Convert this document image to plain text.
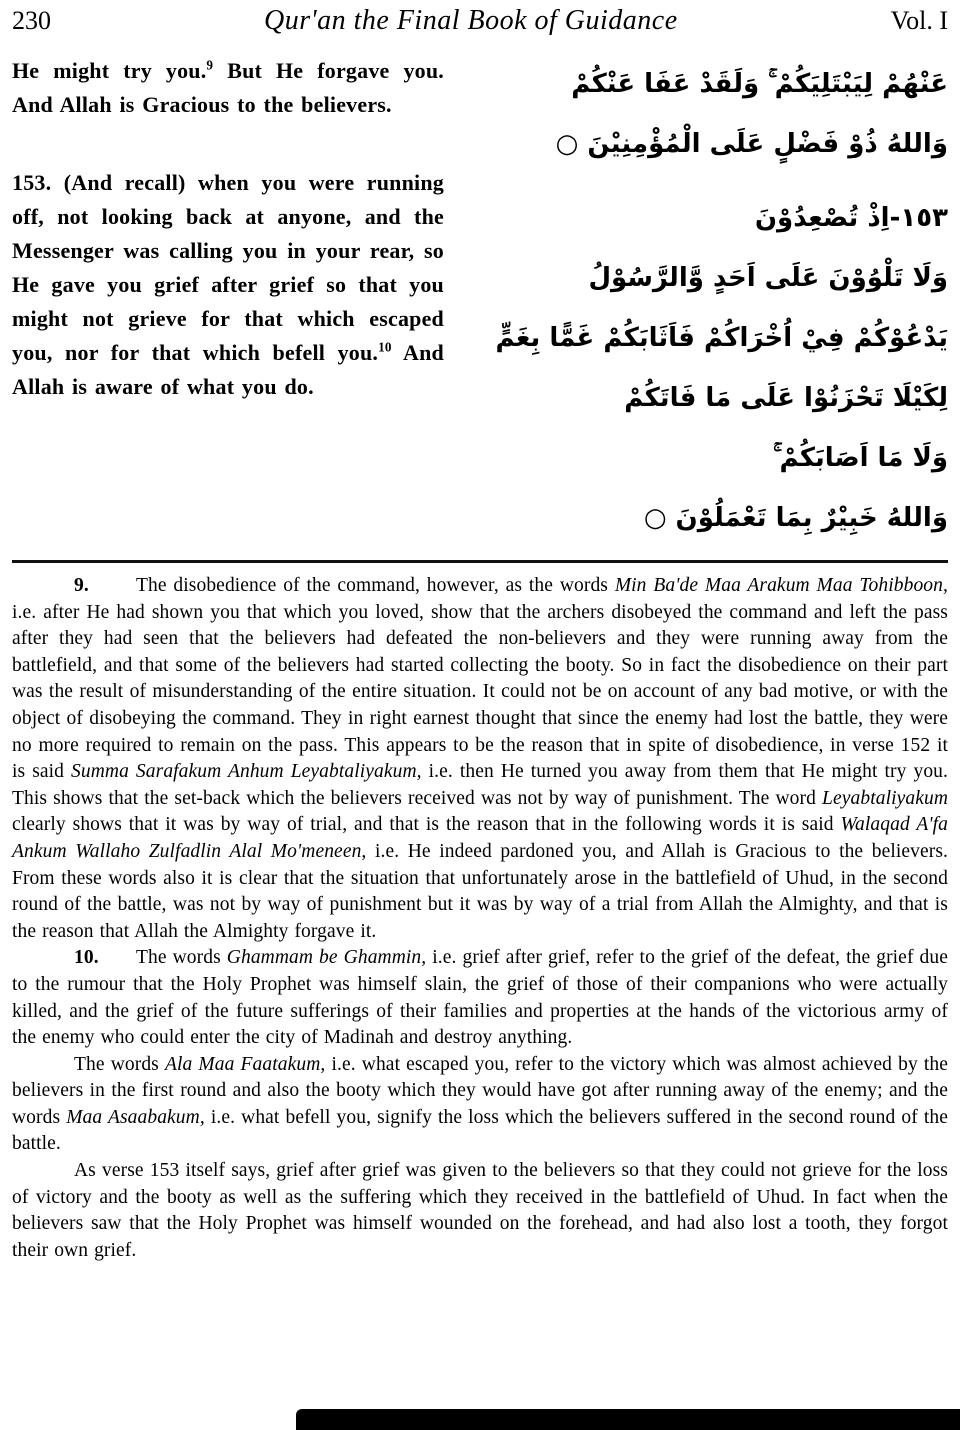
230	Qur'an the Final Book of Guidance	Vol. I

He might try you.$^9$ But He forgave you. And Allah is Gracious to the believers.

153. (And recall) when you were running off, not looking back at anyone, and the Messenger was calling you in your rear, so He gave you grief after grief so that you might not grieve for that which escaped you, nor for that which befell you.$^{10}$ And Allah is aware of what you do.

عَنْهُمْ لِيَبْتَلِيَكُمْ ۚ وَلَقَدْ عَفَا عَنْكُمْ
وَاللهُ ذُوْ فَضْلٍ عَلَى الْمُؤْمِنِيْنَ ○
١٥٣-اِذْ تُصْعِدُوْنَ
وَلَا تَلْوُوْنَ عَلَى اَحَدٍ وَّالرَّسُوْلُ
يَدْعُوْكُمْ فِيْ اُخْرَاكُمْ فَاَثَابَكُمْ غَمًّا بِغَمٍّ
لِكَيْلَا تَحْزَنُوْا عَلَى مَا فَاتَكُمْ
وَلَا مَا اَصَابَكُمْ ۚ
وَاللهُ خَبِيْرٌ بِمَا تَعْمَلُوْنَ ○

9. The disobedience of the command, however, as the words Min Ba'de Maa Arakum Maa Tohibboon, i.e. after He had shown you that which you loved, show that the archers disobeyed the command and left the pass after they had seen that the believers had defeated the non-believers and they were running away from the battlefield, and that some of the believers had started collecting the booty. So in fact the disobedience on their part was the result of misunderstanding of the entire situation. It could not be on account of any bad motive, or with the object of disobeying the command. They in right earnest thought that since the enemy had lost the battle, they were no more required to remain on the pass. This appears to be the reason that in spite of disobedience, in verse 152 it is said Summa Sarafakum Anhum Leyabtaliyakum, i.e. then He turned you away from them that He might try you. This shows that the set-back which the believers received was not by way of punishment. The word Leyabtaliyakum clearly shows that it was by way of trial, and that is the reason that in the following words it is said Walaqad A'fa Ankum Wallaho Zulfadlin Alal Mo'meneen, i.e. He indeed pardoned you, and Allah is Gracious to the believers. From these words also it is clear that the situation that unfortunately arose in the battlefield of Uhud, in the second round of the battle, was not by way of punishment but it was by way of a trial from Allah the Almighty, and that is the reason that Allah the Almighty forgave it.

10. The words Ghammam be Ghammin, i.e. grief after grief, refer to the grief of the defeat, the grief due to the rumour that the Holy Prophet was himself slain, the grief of those of their companions who were actually killed, and the grief of the future sufferings of their families and properties at the hands of the victorious army of the enemy who could enter the city of Madinah and destroy anything.

The words Ala Maa Faatakum, i.e. what escaped you, refer to the victory which was almost achieved by the believers in the first round and also the booty which they would have got after running away of the enemy; and the words Maa Asaabakum, i.e. what befell you, signify the loss which the believers suffered in the second round of the battle.

As verse 153 itself says, grief after grief was given to the believers so that they could not grieve for the loss of victory and the booty as well as the suffering which they received in the battlefield of Uhud. In fact when the believers saw that the Holy Prophet was himself wounded on the forehead, and had also lost a tooth, they forgot their own grief.
